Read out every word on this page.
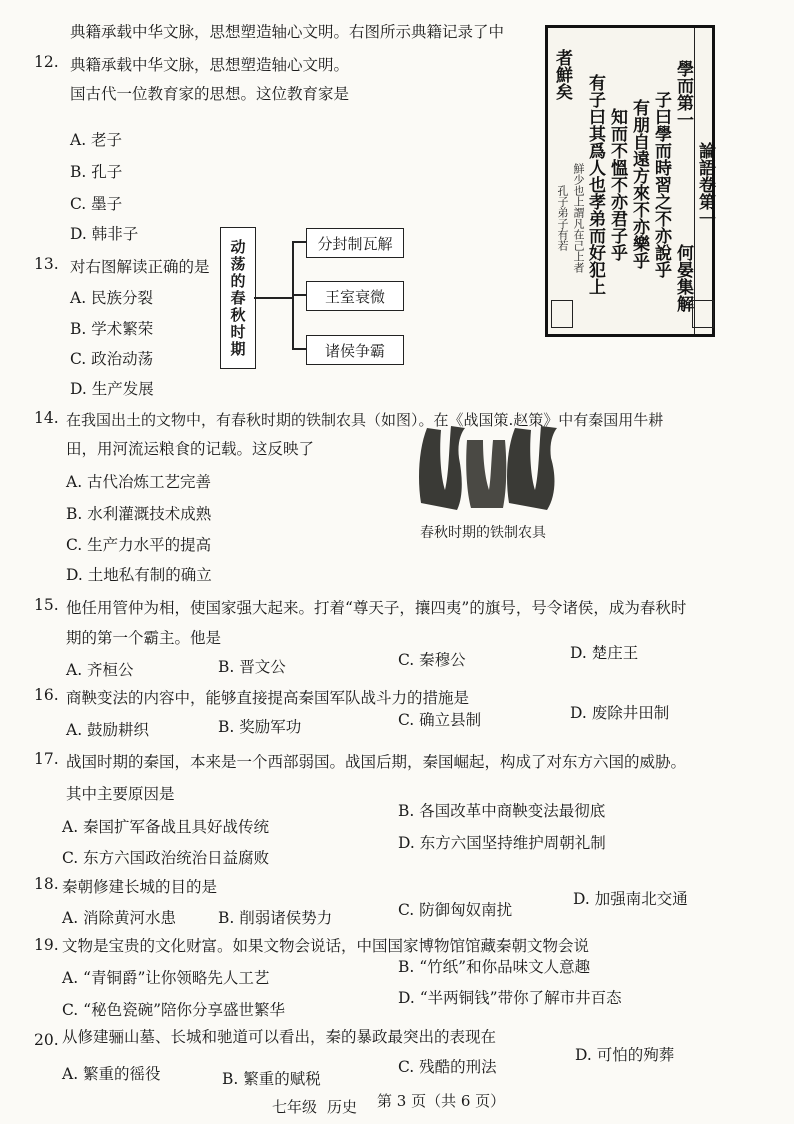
典籍承载中华文脉，思想塑造轴心文明。右图所示典籍记录了中
12. 典籍承载中华文脉，思想塑造轴心文明。
国古代一位教育家的思想。这位教育家是
A. 老子
B. 孔子
C. 墨子
D. 韩非子
論語卷第一
學而第一
何晏集解
子曰學而時習之不亦說乎
有朋自遠方來不亦樂乎
知而不慍不亦君子乎
有子曰其爲人也孝弟而好犯上
者鮮矣
鮮少也上謂凡在己上者
孔子弟子有若
13. 对右图解读正确的是
A. 民族分裂
B. 学术繁荣
C. 政治动荡
D. 生产发展
动荡的春秋时期	分封制瓦解
王室衰微
诸侯争霸
14. 在我国出土的文物中，有春秋时期的铁制农具（如图）。在《战国策.赵策》中有秦国用牛耕
田，用河流运粮食的记载。这反映了
A. 古代冶炼工艺完善
B. 水利灌溉技术成熟
C. 生产力水平的提高
D. 土地私有制的确立
春秋时期的铁制农具
15. 他任用管仲为相，使国家强大起来。打着“尊天子，攘四夷”的旗号，号令诸侯，成为春秋时
期的第一个霸主。他是
A. 齐桓公	B. 晋文公	C. 秦穆公	D. 楚庄王
16. 商鞅变法的内容中，能够直接提高秦国军队战斗力的措施是
A. 鼓励耕织	B. 奖励军功	C. 确立县制	D. 废除井田制
17. 战国时期的秦国，本来是一个西部弱国。战国后期，秦国崛起，构成了对东方六国的威胁。
其中主要原因是
A. 秦国扩军备战且具好战传统
B. 各国改革中商鞅变法最彻底
C. 东方六国政治统治日益腐败
D. 东方六国坚持维护周朝礼制
18. 秦朝修建长城的目的是
A. 消除黄河水患	B. 削弱诸侯势力	C. 防御匈奴南扰
D. 加强南北交通
19. 文物是宝贵的文化财富。如果文物会说话，中国国家博物馆馆藏秦朝文物会说
A. “青铜爵”让你领略先人工艺
B. “竹纸”和你品味文人意趣
C. “秘色瓷碗”陪你分享盛世繁华
D. “半两铜钱”带你了解市井百态
20. 从修建骊山墓、长城和驰道可以看出，秦的暴政最突出的表现在
A. 繁重的徭役	B. 繁重的赋税
C. 残酷的刑法
D. 可怕的殉葬
七年级 历史 第 3 页（共 6 页）
